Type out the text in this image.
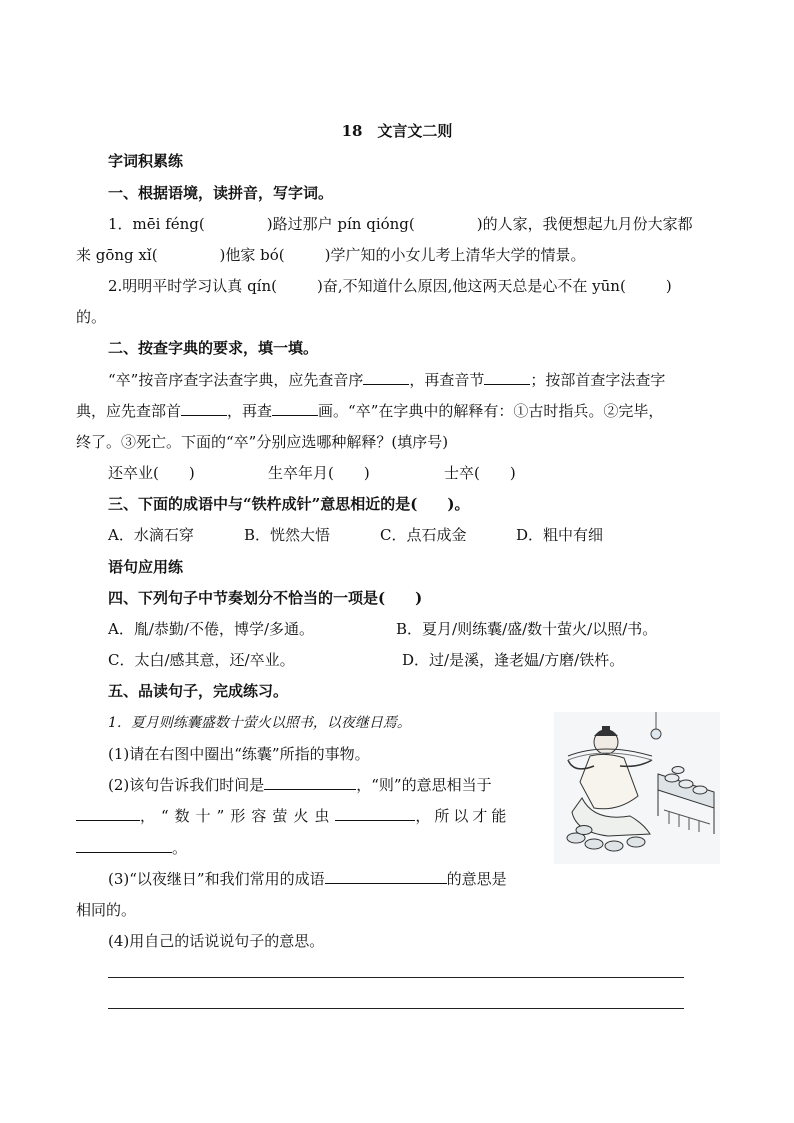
18　文言文二则
字词积累练
一、根据语境，读拼音，写字词。
1．mēi féng(	)路过那户 pín qióng(	)的人家，我便想起九月份大家都
来 gōng xǐ(	)他家 bó(	)学广知的小女儿考上清华大学的情景。
2.明明平时学习认真 qín(	)奋,不知道什么原因,他这两天总是心不在 yūn(	)
的。
二、按查字典的要求，填一填。
“卒”按音序查字法查字典，应先查音序	，再查音节	；按部首查字法查字
典，应先查部首	，再查	画。“卒”在字典中的解释有：①古时指兵。②完毕，
终了。③死亡。下面的“卒”分别应选哪种解释？(填序号)
还卒业(　　)	生卒年月(　　)	士卒(　　)
三、下面的成语中与“铁杵成针”意思相近的是(　　)。
A．水滴石穿	B．恍然大悟	C．点石成金	D．粗中有细
语句应用练
四、下列句子中节奏划分不恰当的一项是(　　)
A．胤/恭勤/不倦，博学/多通。	B．夏月/则练囊/盛/数十萤火/以照/书。
C．太白/感其意，还/卒业。	D．过/是溪，逢老媪/方磨/铁杵。
五、品读句子，完成练习。
1．夏月则练囊盛数十萤火以照书，以夜继日焉。
(1)请在右图中圈出“练囊”所指的事物。
(2)该句告诉我们时间是	，“则”的意思相当于
，“数十”形容萤火虫	，所以才能
。
(3)“以夜继日”和我们常用的成语	的意思是
相同的。
(4)用自己的话说说句子的意思。
